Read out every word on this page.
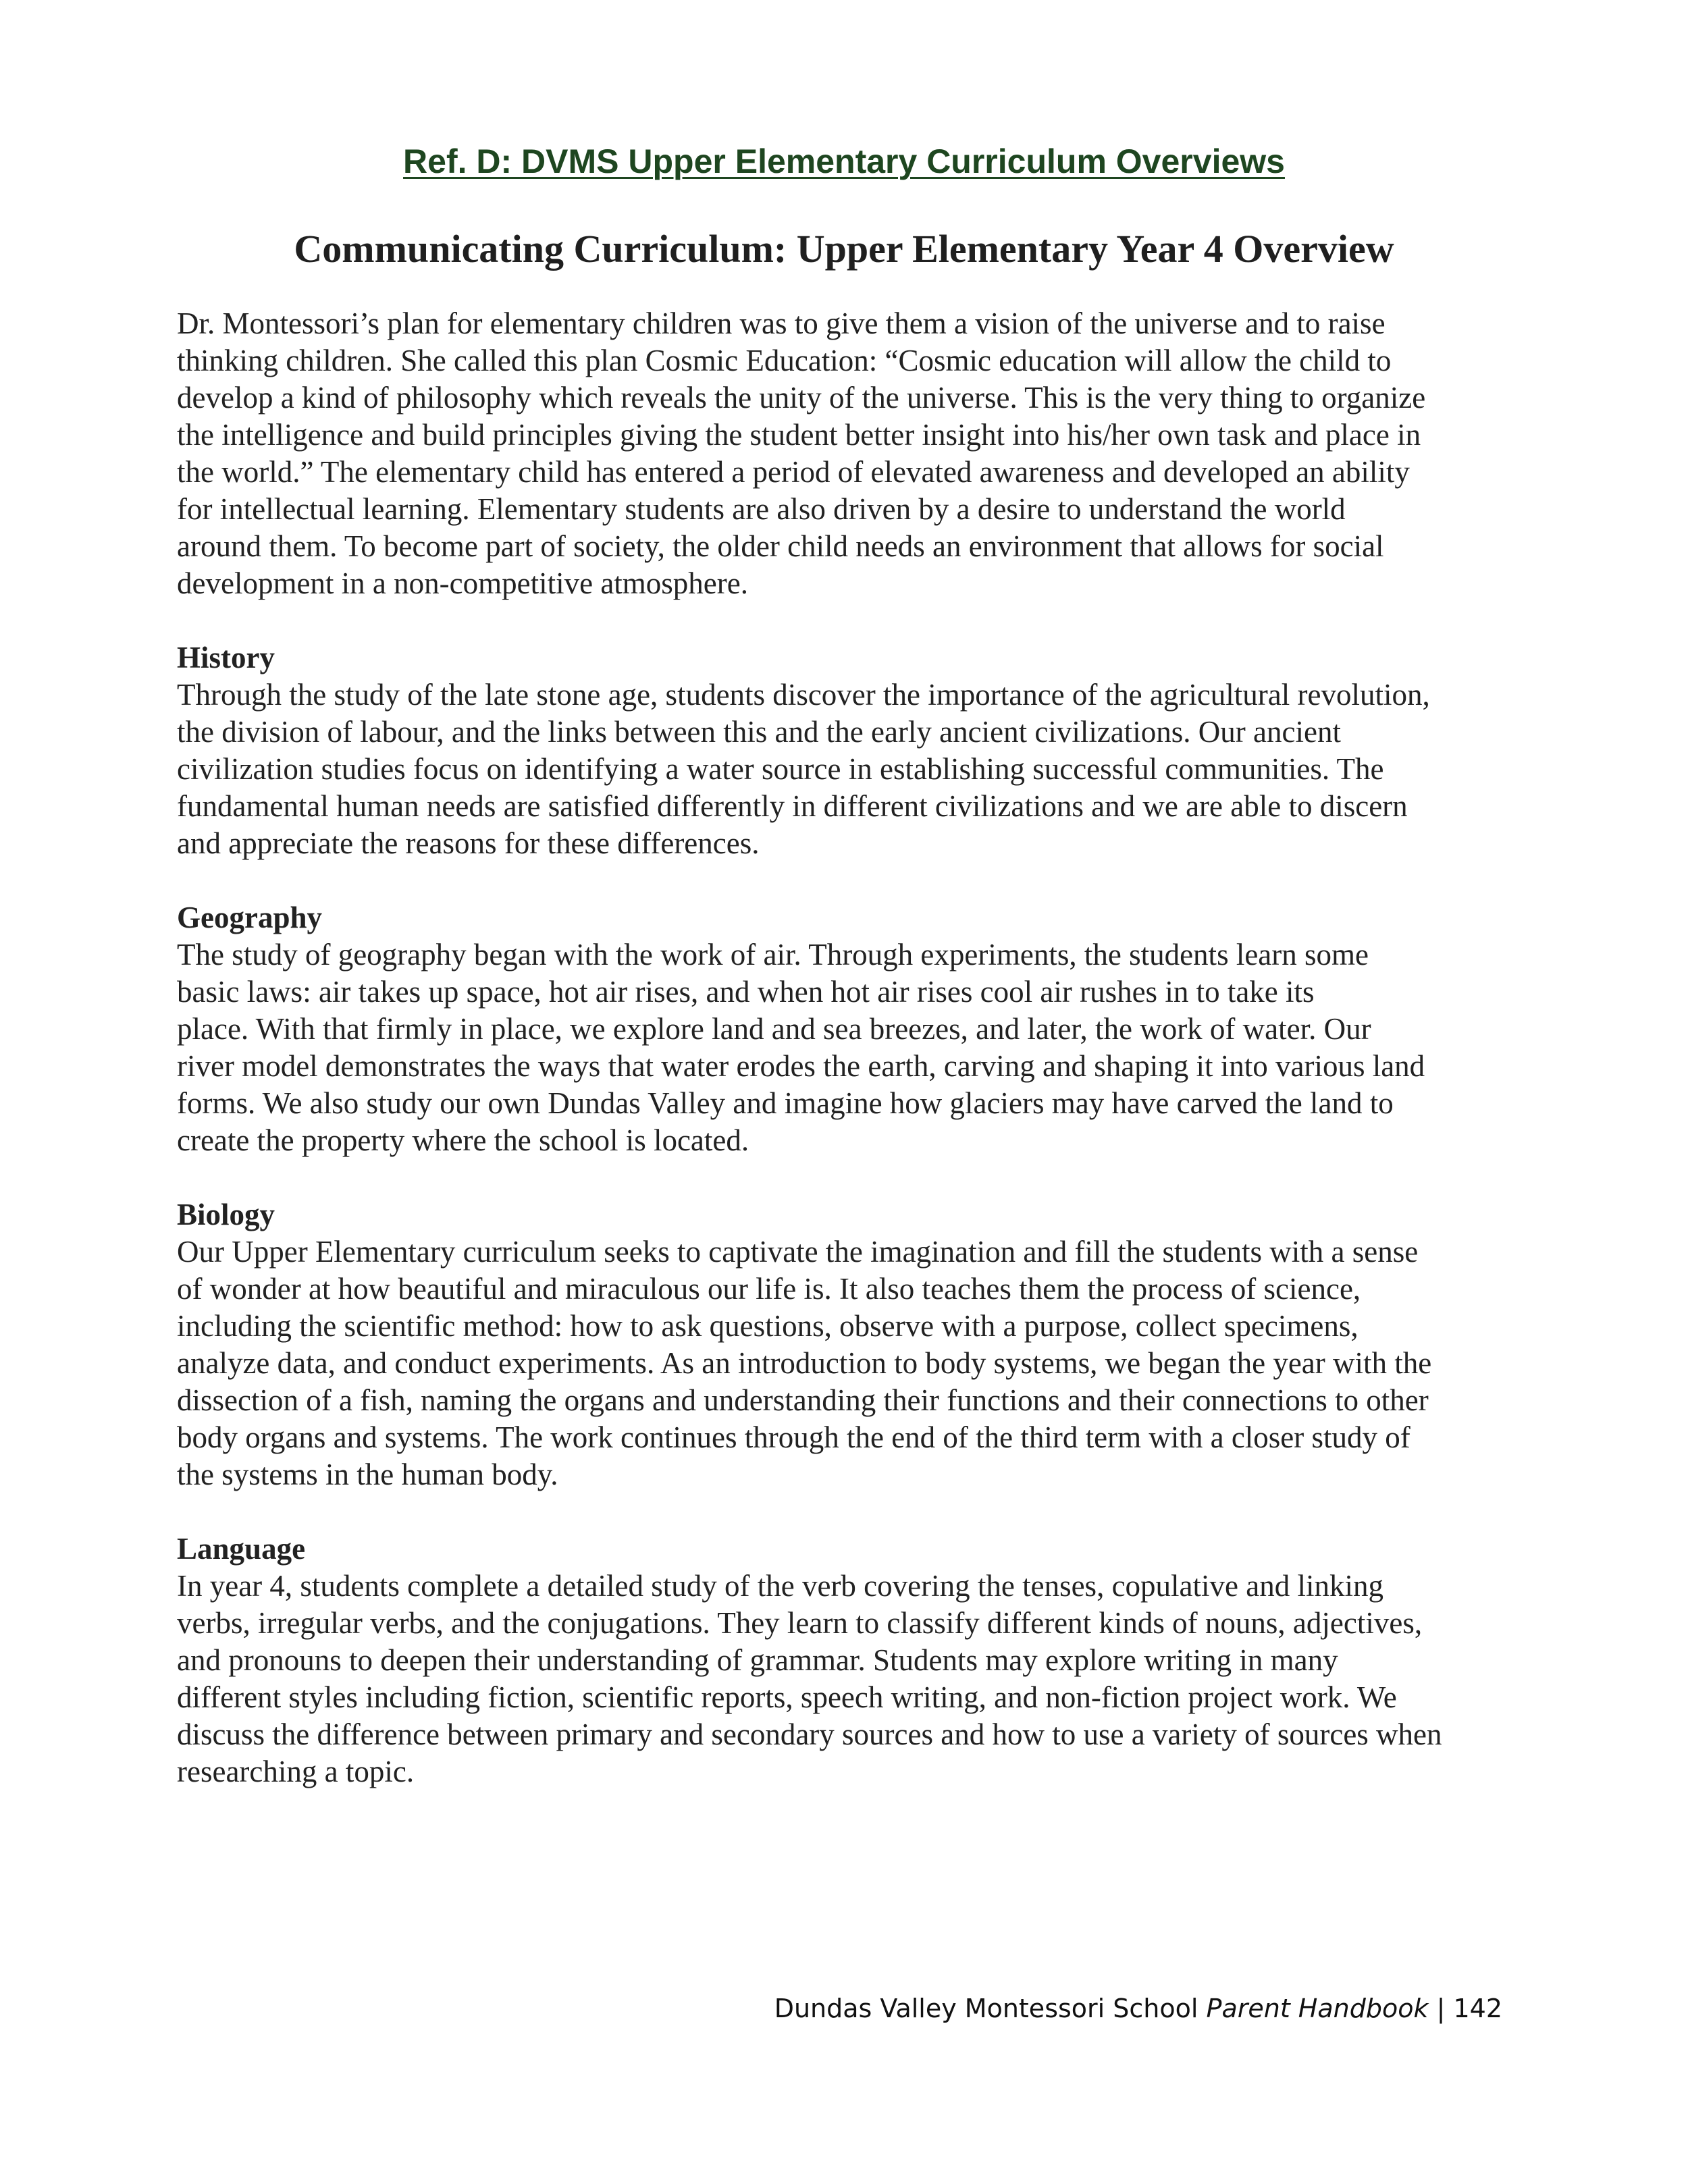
Ref. D: DVMS Upper Elementary Curriculum Overviews
Communicating Curriculum: Upper Elementary Year 4 Overview

Dr. Montessori’s plan for elementary children was to give them a vision of the universe and to raise
thinking children. She called this plan Cosmic Education: “Cosmic education will allow the child to
develop a kind of philosophy which reveals the unity of the universe. This is the very thing to organize
the intelligence and build principles giving the student better insight into his/her own task and place in
the world.” The elementary child has entered a period of elevated awareness and developed an ability
for intellectual learning. Elementary students are also driven by a desire to understand the world
around them. To become part of society, the older child needs an environment that allows for social
development in a non-competitive atmosphere.

History
Through the study of the late stone age, students discover the importance of the agricultural revolution,
the division of labour, and the links between this and the early ancient civilizations. Our ancient
civilization studies focus on identifying a water source in establishing successful communities. The
fundamental human needs are satisfied differently in different civilizations and we are able to discern
and appreciate the reasons for these differences.
Geography
The study of geography began with the work of air. Through experiments, the students learn some
basic laws: air takes up space, hot air rises, and when hot air rises cool air rushes in to take its
place. With that firmly in place, we explore land and sea breezes, and later, the work of water. Our
river model demonstrates the ways that water erodes the earth, carving and shaping it into various land
forms. We also study our own Dundas Valley and imagine how glaciers may have carved the land to
create the property where the school is located.
Biology
Our Upper Elementary curriculum seeks to captivate the imagination and fill the students with a sense
of wonder at how beautiful and miraculous our life is. It also teaches them the process of science,
including the scientific method: how to ask questions, observe with a purpose, collect specimens,
analyze data, and conduct experiments. As an introduction to body systems, we began the year with the
dissection of a fish, naming the organs and understanding their functions and their connections to other
body organs and systems. The work continues through the end of the third term with a closer study of
the systems in the human body.
Language
In year 4, students complete a detailed study of the verb covering the tenses, copulative and linking
verbs, irregular verbs, and the conjugations. They learn to classify different kinds of nouns, adjectives,
and pronouns to deepen their understanding of grammar. Students may explore writing in many
different styles including fiction, scientific reports, speech writing, and non-fiction project work. We
discuss the difference between primary and secondary sources and how to use a variety of sources when
researching a topic.
Dundas Valley Montessori School Parent Handbook | 142
